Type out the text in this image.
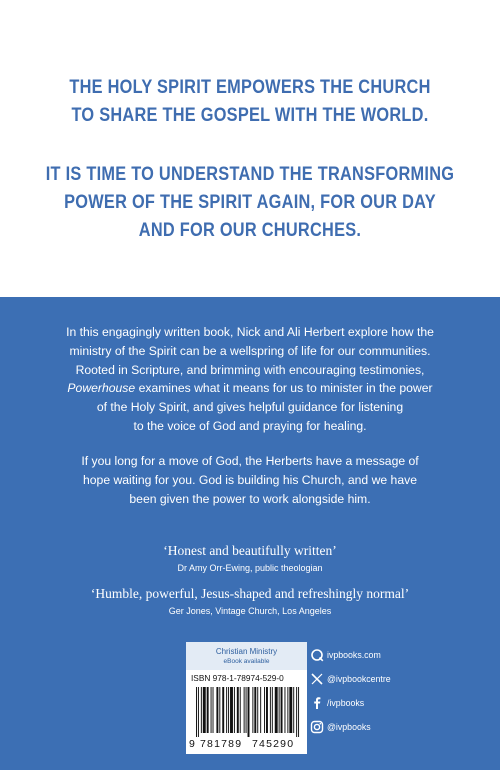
THE HOLY SPIRIT EMPOWERS THE CHURCH
TO SHARE THE GOSPEL WITH THE WORLD.

IT IS TIME TO UNDERSTAND THE TRANSFORMING
POWER OF THE SPIRIT AGAIN, FOR OUR DAY
AND FOR OUR CHURCHES.

In this engagingly written book, Nick and Ali Herbert explore how the
ministry of the Spirit can be a wellspring of life for our communities.
Rooted in Scripture, and brimming with encouraging testimonies,
Powerhouse examines what it means for us to minister in the power
of the Holy Spirit, and gives helpful guidance for listening
to the voice of God and praying for healing.

If you long for a move of God, the Herberts have a message of
hope waiting for you. God is building his Church, and we have
been given the power to work alongside him.

‘Honest and beautifully written’
Dr Amy Orr-Ewing, public theologian

‘Humble, powerful, Jesus-shaped and refreshingly normal’
Ger Jones, Vintage Church, Los Angeles

Christian Ministry
eBook available
ISBN 978-1-78974-529-0
9 781789 745290
ivpbooks.com
@ivpbookcentre
/ivpbooks
@ivpbooks
